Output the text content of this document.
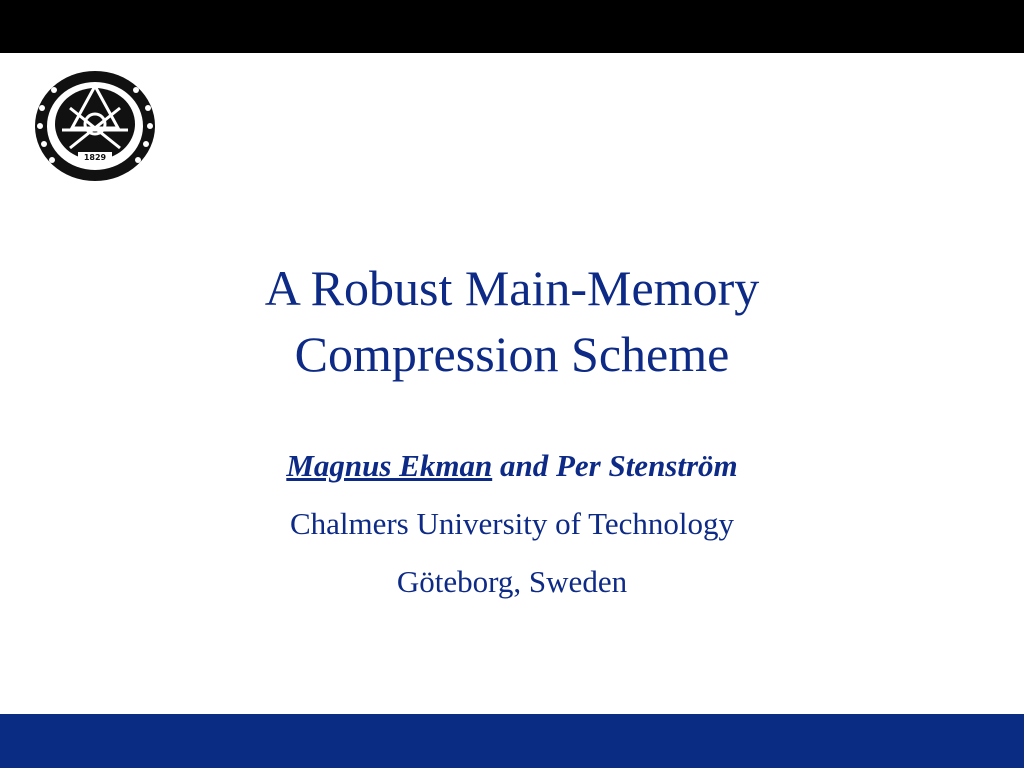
1829
A Robust Main-Memory
Compression Scheme
Magnus Ekman and Per Stenström
Chalmers University of Technology
Göteborg, Sweden
